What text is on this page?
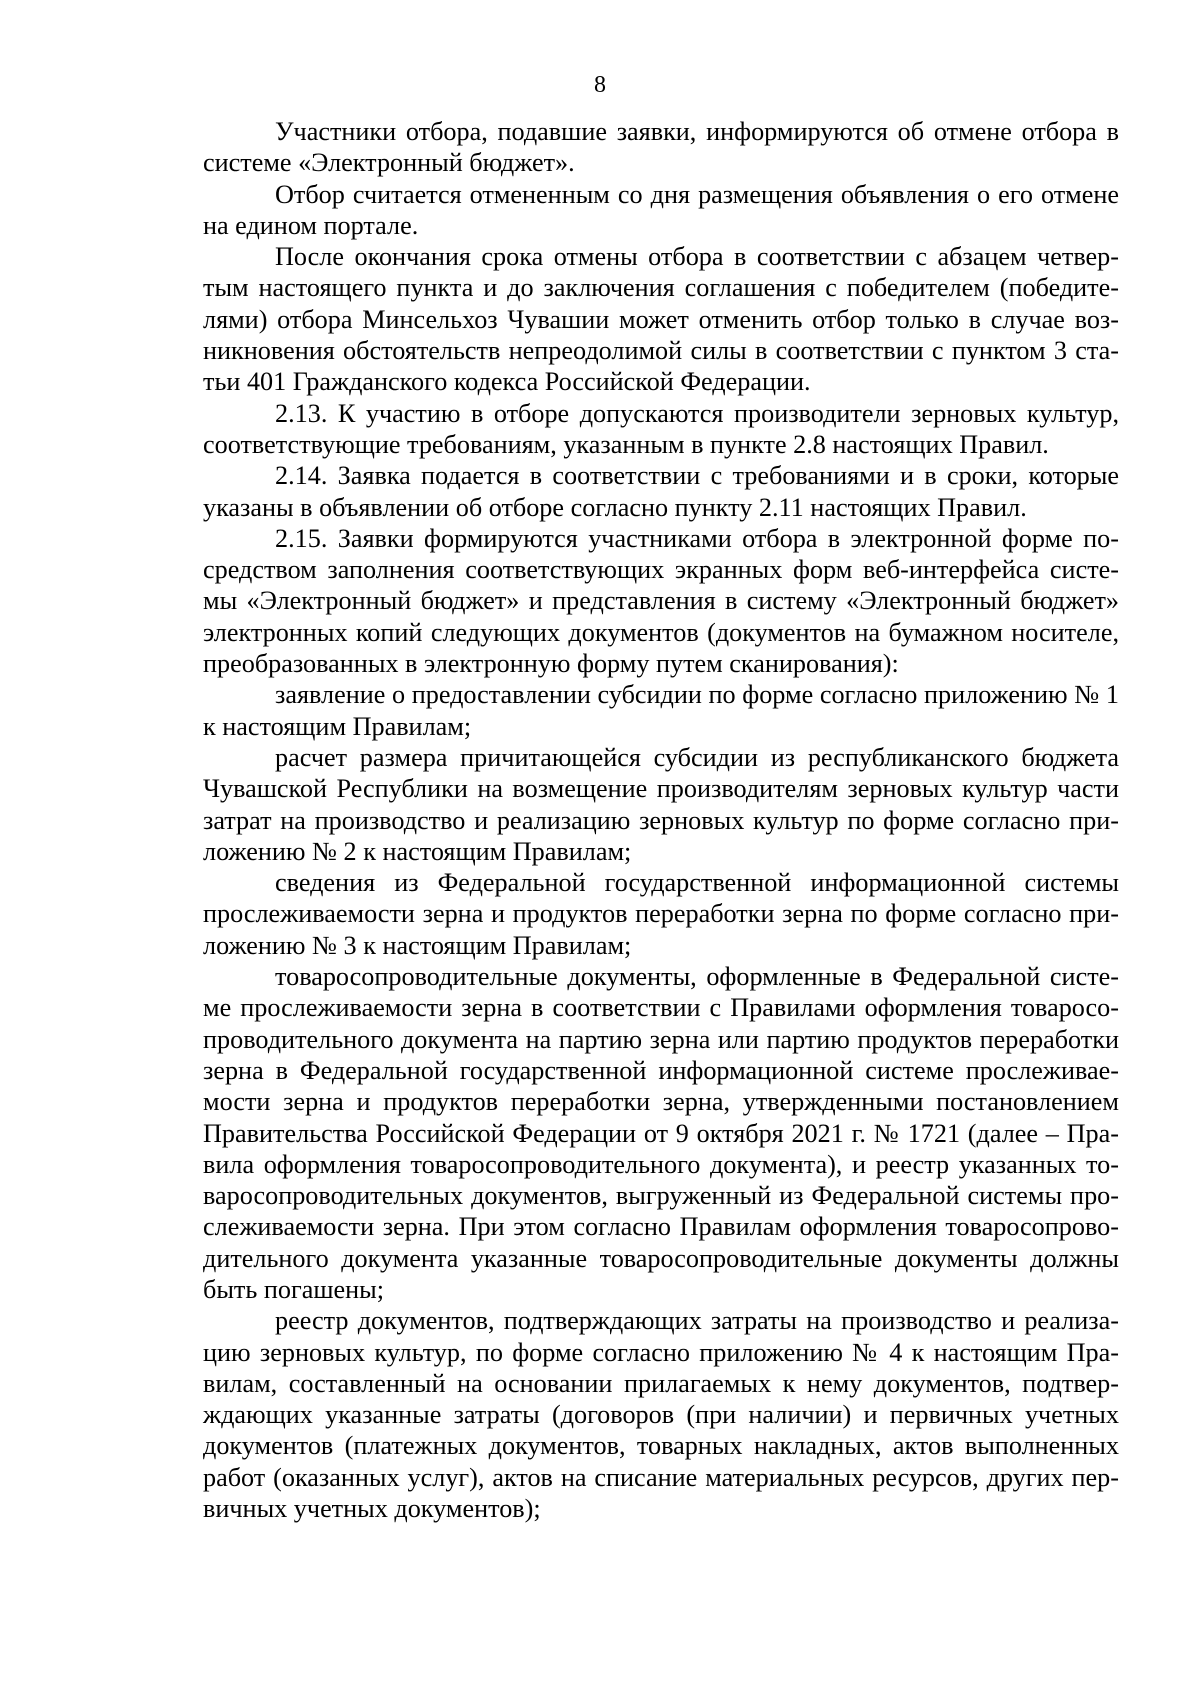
8

Участники отбора, подавшие заявки, информируются об отмене отбора в системе «Электронный бюджет».

Отбор считается отмененным со дня размещения объявления о его отмене на едином портале.

После окончания срока отмены отбора в соответствии с абзацем четвертым настоящего пункта и до заключения соглашения с победителем (победителями) отбора Минсельхоз Чувашии может отменить отбор только в случае возникновения обстоятельств непреодолимой силы в соответствии с пунктом 3 статьи 401 Гражданского кодекса Российской Федерации.

2.13. К участию в отборе допускаются производители зерновых культур, соответствующие требованиям, указанным в пункте 2.8 настоящих Правил.

2.14. Заявка подается в соответствии с требованиями и в сроки, которые указаны в объявлении об отборе согласно пункту 2.11 настоящих Правил.

2.15. Заявки формируются участниками отбора в электронной форме посредством заполнения соответствующих экранных форм веб-интерфейса системы «Электронный бюджет» и представления в систему «Электронный бюджет» электронных копий следующих документов (документов на бумажном носителе, преобразованных в электронную форму путем сканирования):

заявление о предоставлении субсидии по форме согласно приложению № 1 к настоящим Правилам;

расчет размера причитающейся субсидии из республиканского бюджета Чувашской Республики на возмещение производителям зерновых культур части затрат на производство и реализацию зерновых культур по форме согласно приложению № 2 к настоящим Правилам;

сведения из Федеральной государственной информационной системы прослеживаемости зерна и продуктов переработки зерна по форме согласно приложению № 3 к настоящим Правилам;

товаросопроводительные документы, оформленные в Федеральной системе прослеживаемости зерна в соответствии с Правилами оформления товаросопроводительного документа на партию зерна или партию продуктов переработки зерна в Федеральной государственной информационной системе прослеживаемости зерна и продуктов переработки зерна, утвержденными постановлением Правительства Российской Федерации от 9 октября 2021 г. № 1721 (далее – Правила оформления товаросопроводительного документа), и реестр указанных товаросопроводительных документов, выгруженный из Федеральной системы прослеживаемости зерна. При этом согласно Правилам оформления товаросопроводительного документа указанные товаросопроводительные документы должны быть погашены;

реестр документов, подтверждающих затраты на производство и реализацию зерновых культур, по форме согласно приложению № 4 к настоящим Правилам, составленный на основании прилагаемых к нему документов, подтверждающих указанные затраты (договоров (при наличии) и первичных учетных документов (платежных документов, товарных накладных, актов выполненных работ (оказанных услуг), актов на списание материальных ресурсов, других первичных учетных документов);
